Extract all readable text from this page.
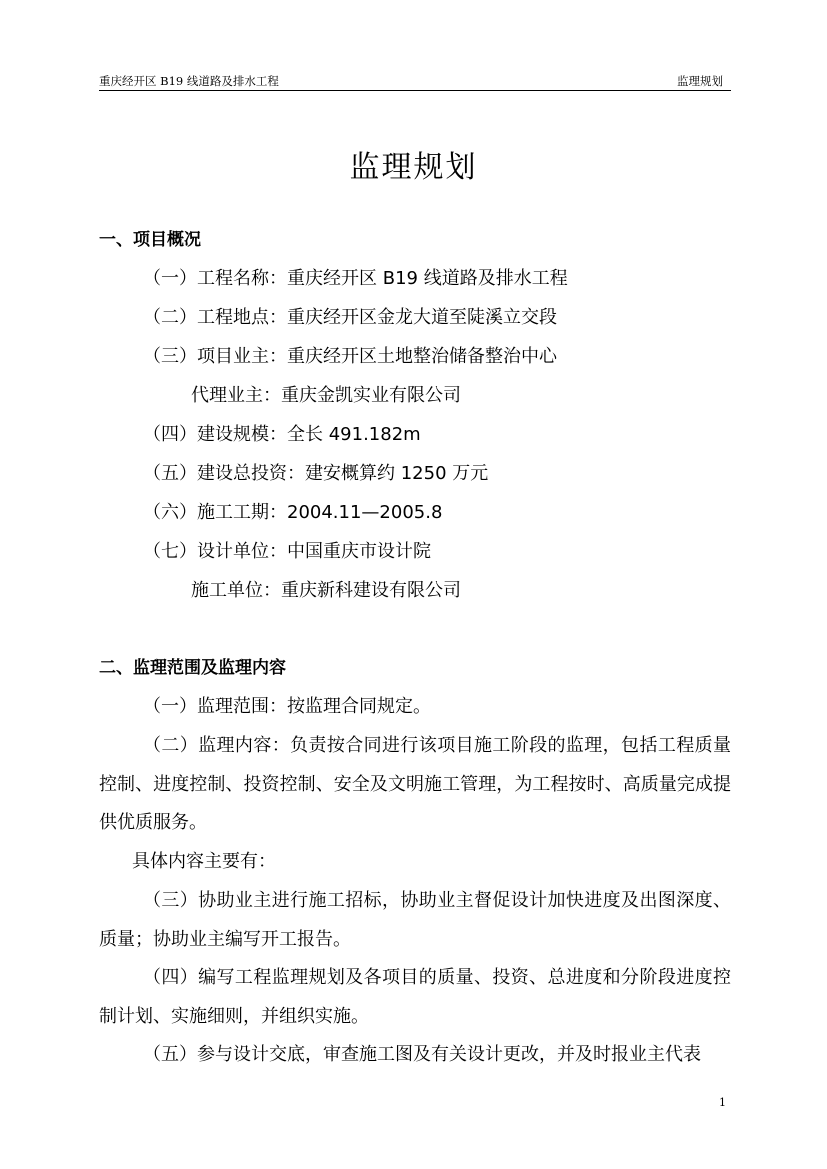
重庆经开区 B19 线道路及排水工程	监理规划
监理规划
一、项目概况
（一）工程名称：重庆经开区 B19 线道路及排水工程
（二）工程地点：重庆经开区金龙大道至陡溪立交段
（三）项目业主：重庆经开区土地整治储备整治中心
代理业主：重庆金凯实业有限公司
（四）建设规模：全长 491.182m
（五）建设总投资：建安概算约 1250 万元
（六）施工工期：2004.11—2005.8
（七）设计单位：中国重庆市设计院
施工单位：重庆新科建设有限公司
二、监理范围及监理内容
（一）监理范围：按监理合同规定。
（二）监理内容：负责按合同进行该项目施工阶段的监理，包括工程质量控制、进度控制、投资控制、安全及文明施工管理，为工程按时、高质量完成提供优质服务。
具体内容主要有：
（三）协助业主进行施工招标，协助业主督促设计加快进度及出图深度、质量；协助业主编写开工报告。
（四）编写工程监理规划及各项目的质量、投资、总进度和分阶段进度控制计划、实施细则，并组织实施。
（五）参与设计交底，审查施工图及有关设计更改，并及时报业主代表
1
